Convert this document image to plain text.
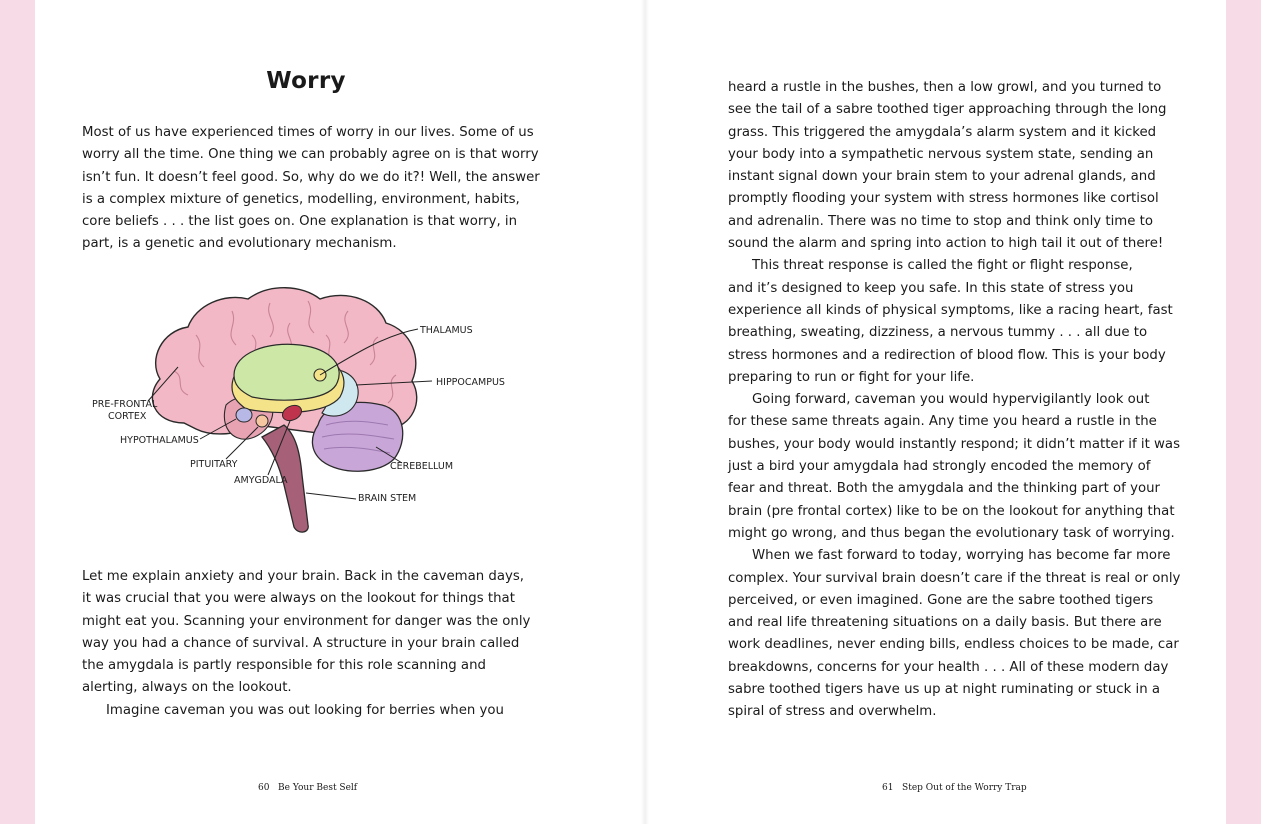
Worry
Most of us have experienced times of worry in our lives. Some of us
worry all the time. One thing we can probably agree on is that worry
isn’t fun. It doesn’t feel good. So, why do we do it?! Well, the answer
is a complex mixture of genetics, modelling, environment, habits,
core beliefs . . . the list goes on. One explanation is that worry, in
part, is a genetic and evolutionary mechanism.
THALAMUS
HIPPOCAMPUS
PRE-FRONTAL
CORTEX
HYPOTHALAMUS
PITUITARY
AMYGDALA
CEREBELLUM
BRAIN STEM
Let me explain anxiety and your brain. Back in the caveman days,
it was crucial that you were always on the lookout for things that
might eat you. Scanning your environment for danger was the only
way you had a chance of survival. A structure in your brain called
the amygdala is partly responsible for this role scanning and
alerting, always on the lookout.
Imagine caveman you was out looking for berries when you
60 Be Your Best Self
heard a rustle in the bushes, then a low growl, and you turned to
see the tail of a sabre toothed tiger approaching through the long
grass. This triggered the amygdala’s alarm system and it kicked
your body into a sympathetic nervous system state, sending an
instant signal down your brain stem to your adrenal glands, and
promptly flooding your system with stress hormones like cortisol
and adrenalin. There was no time to stop and think only time to
sound the alarm and spring into action to high tail it out of there!
This threat response is called the fight or flight response,
and it’s designed to keep you safe. In this state of stress you
experience all kinds of physical symptoms, like a racing heart, fast
breathing, sweating, dizziness, a nervous tummy . . . all due to
stress hormones and a redirection of blood flow. This is your body
preparing to run or fight for your life.
Going forward, caveman you would hypervigilantly look out
for these same threats again. Any time you heard a rustle in the
bushes, your body would instantly respond; it didn’t matter if it was
just a bird your amygdala had strongly encoded the memory of
fear and threat. Both the amygdala and the thinking part of your
brain (pre frontal cortex) like to be on the lookout for anything that
might go wrong, and thus began the evolutionary task of worrying.
When we fast forward to today, worrying has become far more
complex. Your survival brain doesn’t care if the threat is real or only
perceived, or even imagined. Gone are the sabre toothed tigers
and real life threatening situations on a daily basis. But there are
work deadlines, never ending bills, endless choices to be made, car
breakdowns, concerns for your health . . . All of these modern day
sabre toothed tigers have us up at night ruminating or stuck in a
spiral of stress and overwhelm.
61 Step Out of the Worry Trap
